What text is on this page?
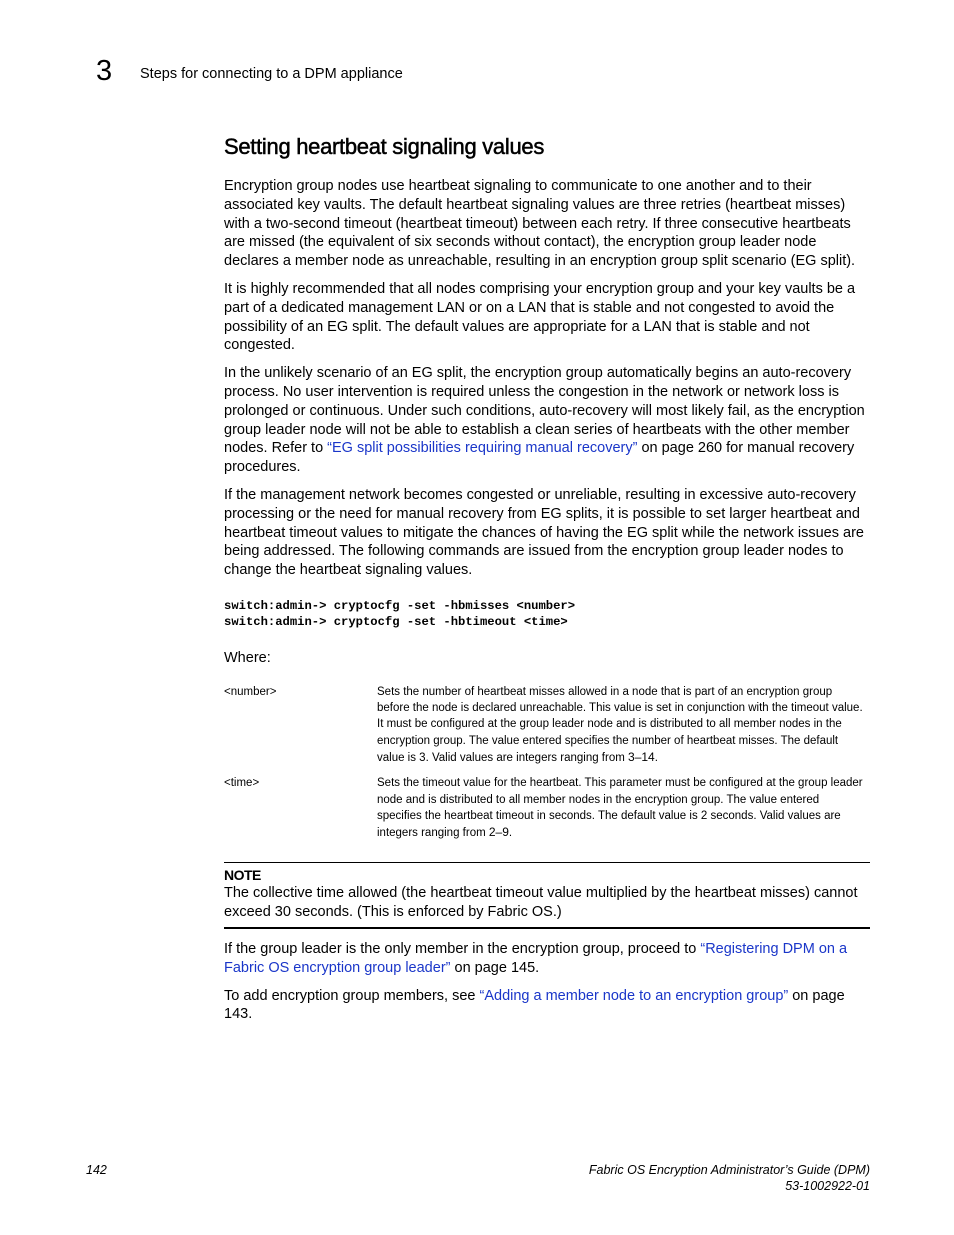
3 Steps for connecting to a DPM appliance
Setting heartbeat signaling values

Encryption group nodes use heartbeat signaling to communicate to one another and to their associated key vaults. The default heartbeat signaling values are three retries (heartbeat misses) with a two-second timeout (heartbeat timeout) between each retry. If three consecutive heartbeats are missed (the equivalent of six seconds without contact), the encryption group leader node declares a member node as unreachable, resulting in an encryption group split scenario (EG split).

It is highly recommended that all nodes comprising your encryption group and your key vaults be a part of a dedicated management LAN or on a LAN that is stable and not congested to avoid the possibility of an EG split. The default values are appropriate for a LAN that is stable and not congested.

In the unlikely scenario of an EG split, the encryption group automatically begins an auto-recovery process. No user intervention is required unless the congestion in the network or network loss is prolonged or continuous. Under such conditions, auto-recovery will most likely fail, as the encryption group leader node will not be able to establish a clean series of heartbeats with the other member nodes. Refer to “EG split possibilities requiring manual recovery” on page 260 for manual recovery procedures.

If the management network becomes congested or unreliable, resulting in excessive auto-recovery processing or the need for manual recovery from EG splits, it is possible to set larger heartbeat and heartbeat timeout values to mitigate the chances of having the EG split while the network issues are being addressed. The following commands are issued from the encryption group leader nodes to change the heartbeat signaling values.

switch:admin-> cryptocfg -set -hbmisses <number>
switch:admin-> cryptocfg -set -hbtimeout <time>

Where:

<number>	Sets the number of heartbeat misses allowed in a node that is part of an encryption group before the node is declared unreachable. This value is set in conjunction with the timeout value. It must be configured at the group leader node and is distributed to all member nodes in the encryption group. The value entered specifies the number of heartbeat misses. The default value is 3. Valid values are integers ranging from 3–14.
<time>	Sets the timeout value for the heartbeat. This parameter must be configured at the group leader node and is distributed to all member nodes in the encryption group. The value entered specifies the heartbeat timeout in seconds. The default value is 2 seconds. Valid values are integers ranging from 2–9.
NOTE
The collective time allowed (the heartbeat timeout value multiplied by the heartbeat misses) cannot exceed 30 seconds. (This is enforced by Fabric OS.)

If the group leader is the only member in the encryption group, proceed to “Registering DPM on a Fabric OS encryption group leader” on page 145.

To add encryption group members, see “Adding a member node to an encryption group” on page 143.

142	Fabric OS Encryption Administrator’s Guide (DPM)
53-1002922-01
